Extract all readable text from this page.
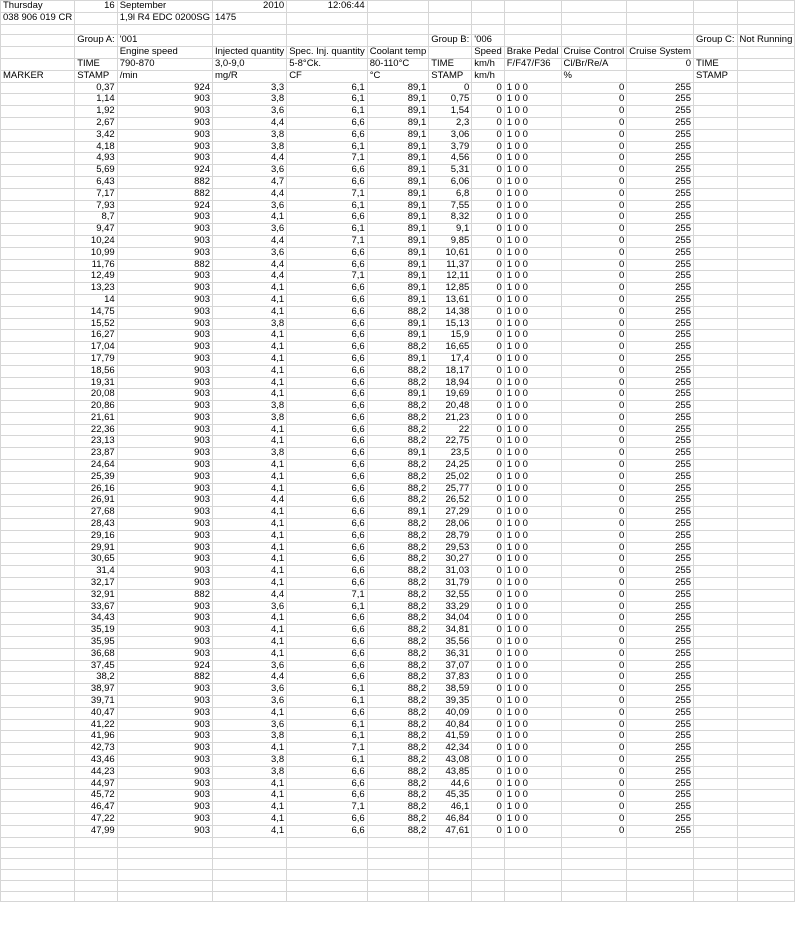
Thursday	16	September	2010	12:06:44								
038 906 019 CR		1,9l R4 EDC 0200SG	1475									

	Group A:	'001				Group B:	'006				Group C:	Not Running
		Engine speed	Injected quantity	Spec. Inj. quantity	Coolant temp		Speed	Brake Pedal	Cruise Control	Cruise System		
	TIME	790-870	3,0-9,0	5-8°Ck.	80-110°C	TIME	km/h	F/F47/F36	Cl/Br/Re/A	0	TIME	
MARKER	STAMP	/min	mg/R	CF	°C	STAMP	km/h		%		STAMP	
	0,37	924	3,3	6,1	89,1	0	0	1 0 0	0	255		
	1,14	903	3,8	6,1	89,1	0,75	0	1 0 0	0	255		
	1,92	903	3,6	6,1	89,1	1,54	0	1 0 0	0	255		
	2,67	903	4,4	6,6	89,1	2,3	0	1 0 0	0	255		
	3,42	903	3,8	6,6	89,1	3,06	0	1 0 0	0	255		
	4,18	903	3,8	6,1	89,1	3,79	0	1 0 0	0	255		
	4,93	903	4,4	7,1	89,1	4,56	0	1 0 0	0	255		
	5,69	924	3,6	6,6	89,1	5,31	0	1 0 0	0	255		
	6,43	882	4,7	6,6	89,1	6,06	0	1 0 0	0	255		
	7,17	882	4,4	7,1	89,1	6,8	0	1 0 0	0	255		
	7,93	924	3,6	6,1	89,1	7,55	0	1 0 0	0	255		
	8,7	903	4,1	6,6	89,1	8,32	0	1 0 0	0	255		
	9,47	903	3,6	6,1	89,1	9,1	0	1 0 0	0	255		
	10,24	903	4,4	7,1	89,1	9,85	0	1 0 0	0	255		
	10,99	903	3,6	6,6	89,1	10,61	0	1 0 0	0	255		
	11,76	882	4,4	6,6	89,1	11,37	0	1 0 0	0	255		
	12,49	903	4,4	7,1	89,1	12,11	0	1 0 0	0	255		
	13,23	903	4,1	6,6	89,1	12,85	0	1 0 0	0	255		
	14	903	4,1	6,6	89,1	13,61	0	1 0 0	0	255		
	14,75	903	4,1	6,6	88,2	14,38	0	1 0 0	0	255		
	15,52	903	3,8	6,6	89,1	15,13	0	1 0 0	0	255		
	16,27	903	4,1	6,6	89,1	15,9	0	1 0 0	0	255		
	17,04	903	4,1	6,6	88,2	16,65	0	1 0 0	0	255		
	17,79	903	4,1	6,6	89,1	17,4	0	1 0 0	0	255		
	18,56	903	4,1	6,6	88,2	18,17	0	1 0 0	0	255		
	19,31	903	4,1	6,6	88,2	18,94	0	1 0 0	0	255		
	20,08	903	4,1	6,6	89,1	19,69	0	1 0 0	0	255		
	20,86	903	3,8	6,6	88,2	20,48	0	1 0 0	0	255		
	21,61	903	3,8	6,6	88,2	21,23	0	1 0 0	0	255		
	22,36	903	4,1	6,6	88,2	22	0	1 0 0	0	255		
	23,13	903	4,1	6,6	88,2	22,75	0	1 0 0	0	255		
	23,87	903	3,8	6,6	89,1	23,5	0	1 0 0	0	255		
	24,64	903	4,1	6,6	88,2	24,25	0	1 0 0	0	255		
	25,39	903	4,1	6,6	88,2	25,02	0	1 0 0	0	255		
	26,16	903	4,1	6,6	88,2	25,77	0	1 0 0	0	255		
	26,91	903	4,4	6,6	88,2	26,52	0	1 0 0	0	255		
	27,68	903	4,1	6,6	89,1	27,29	0	1 0 0	0	255		
	28,43	903	4,1	6,6	88,2	28,06	0	1 0 0	0	255		
	29,16	903	4,1	6,6	88,2	28,79	0	1 0 0	0	255		
	29,91	903	4,1	6,6	88,2	29,53	0	1 0 0	0	255		
	30,65	903	4,1	6,6	88,2	30,27	0	1 0 0	0	255		
	31,4	903	4,1	6,6	88,2	31,03	0	1 0 0	0	255		
	32,17	903	4,1	6,6	88,2	31,79	0	1 0 0	0	255		
	32,91	882	4,4	7,1	88,2	32,55	0	1 0 0	0	255		
	33,67	903	3,6	6,1	88,2	33,29	0	1 0 0	0	255		
	34,43	903	4,1	6,6	88,2	34,04	0	1 0 0	0	255		
	35,19	903	4,1	6,6	88,2	34,81	0	1 0 0	0	255		
	35,95	903	4,1	6,6	88,2	35,56	0	1 0 0	0	255		
	36,68	903	4,1	6,6	88,2	36,31	0	1 0 0	0	255		
	37,45	924	3,6	6,6	88,2	37,07	0	1 0 0	0	255		
	38,2	882	4,4	6,6	88,2	37,83	0	1 0 0	0	255		
	38,97	903	3,6	6,1	88,2	38,59	0	1 0 0	0	255		
	39,71	903	3,6	6,1	88,2	39,35	0	1 0 0	0	255		
	40,47	903	4,1	6,6	88,2	40,09	0	1 0 0	0	255		
	41,22	903	3,6	6,1	88,2	40,84	0	1 0 0	0	255		
	41,96	903	3,8	6,1	88,2	41,59	0	1 0 0	0	255		
	42,73	903	4,1	7,1	88,2	42,34	0	1 0 0	0	255		
	43,46	903	3,8	6,1	88,2	43,08	0	1 0 0	0	255		
	44,23	903	3,8	6,6	88,2	43,85	0	1 0 0	0	255		
	44,97	903	4,1	6,6	88,2	44,6	0	1 0 0	0	255		
	45,72	903	4,1	6,6	88,2	45,35	0	1 0 0	0	255		
	46,47	903	4,1	7,1	88,2	46,1	0	1 0 0	0	255		
	47,22	903	4,1	6,6	88,2	46,84	0	1 0 0	0	255		
	47,99	903	4,1	6,6	88,2	47,61	0	1 0 0	0	255		
